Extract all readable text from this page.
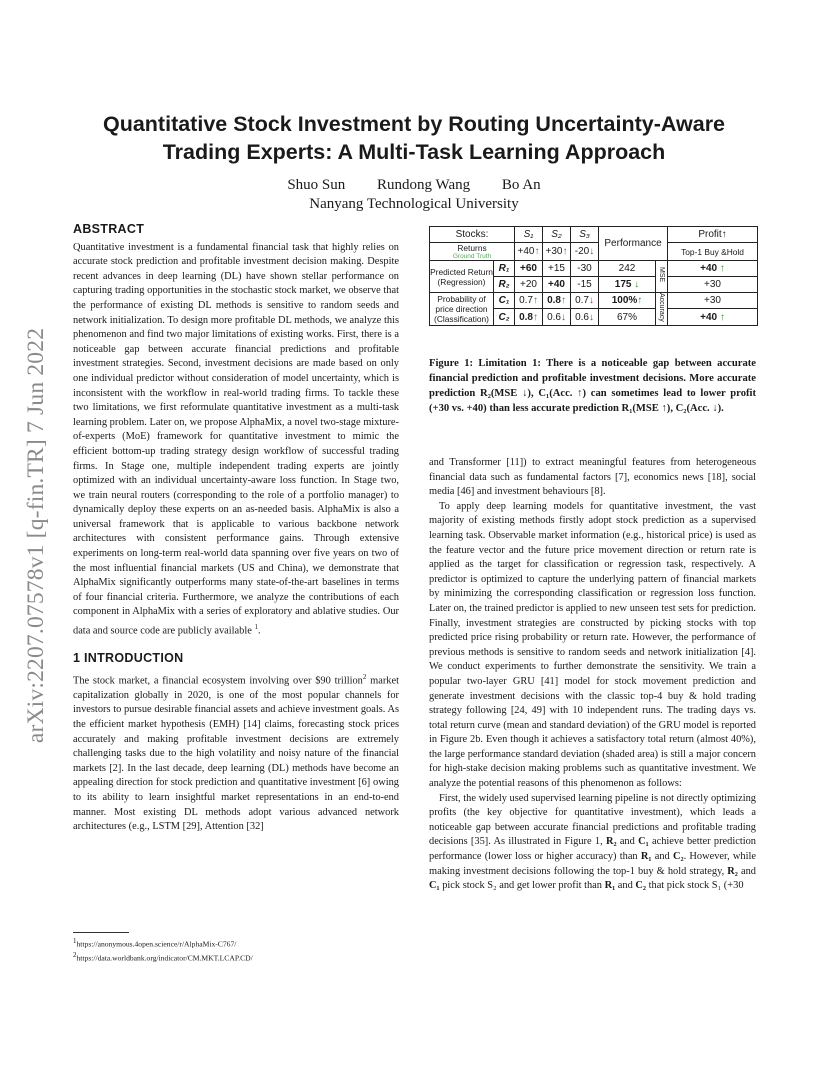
arXiv:2207.07578v1 [q-fin.TR] 7 Jun 2022
Quantitative Stock Investment by Routing Uncertainty-Aware
Trading Experts: A Multi-Task Learning Approach
Shuo Sun Rundong Wang Bo An
Nanyang Technological University
ABSTRACT

Quantitative investment is a fundamental financial task that highly relies on accurate stock prediction and profitable investment decision making. Despite recent advances in deep learning (DL) have shown stellar performance on capturing trading opportunities in the stochastic stock market, we observe that the performance of existing DL methods is sensitive to random seeds and network initialization. To design more profitable DL methods, we analyze this phenomenon and find two major limitations of existing works. First, there is a noticeable gap between accurate financial predictions and profitable investment strategies. Second, investment decisions are made based on only one individual predictor without consideration of model uncertainty, which is inconsistent with the workflow in real-world trading firms. To tackle these two limitations, we first reformulate quantitative investment as a multi-task learning problem. Later on, we propose AlphaMix, a novel two-stage mixture-of-experts (MoE) framework for quantitative investment to mimic the efficient bottom-up trading strategy design workflow of successful trading firms. In Stage one, multiple independent trading experts are jointly optimized with an individual uncertainty-aware loss function. In Stage two, we train neural routers (corresponding to the role of a portfolio manager) to dynamically deploy these experts on an as-needed basis. AlphaMix is also a universal framework that is applicable to various backbone network architectures with consistent performance gains. Through extensive experiments on long-term real-world data spanning over five years on two of the most influential financial markets (US and China), we demonstrate that AlphaMix significantly outperforms many state-of-the-art baselines in terms of four financial criteria. Furthermore, we analyze the contributions of each component in AlphaMix with a series of exploratory and ablative studies. Our data and source code are publicly available $^1$.

1 INTRODUCTION

The stock market, a financial ecosystem involving over $90 trillion$^2$ market capitalization globally in 2020, is one of the most popular channels for investors to pursue desirable financial assets and achieve investment goals. As the efficient market hypothesis (EMH) [14] claims, forecasting stock prices accurately and making profitable investment decisions are extremely challenging tasks due to the high volatility and noisy nature of the financial markets [2]. In the last decade, deep learning (DL) methods have become an appealing direction for stock prediction and quantitative investment [6] owing to its ability to learn insightful market representations in an end-to-end manner. Most existing DL methods adopt various advanced network architectures (e.g., LSTM [29], Attention [32]

$^1$https://anonymous.4open.science/r/AlphaMix-C767/
$^2$https://data.worldbank.org/indicator/CM.MKT.LCAP.CD/
Stocks:		S₁	S₂	S₃	Performance		Profit↑
Returns
Ground Truth		+40↑	+30↑	-20↓			Top-1 Buy &Hold
Predicted Return (Regression)	R₁	+60	+15	-30	242	MSE	+40 ↑
	R₂	+20	+40	-15	175 ↓		+30
Probability of price direction (Classification)	C₁	0.7↑	0.8↑	0.7↓	100%↑	Accuracy	+30
	C₂	0.8↑	0.6↓	0.6↓	67%		+40 ↑
Figure 1: Limitation 1: There is a noticeable gap between accurate financial prediction and profitable investment decisions. More accurate prediction R₂(MSE ↓), C₁(Acc. ↑) can sometimes lead to lower profit (+30 vs. +40) than less accurate prediction R₁(MSE ↑), C₂(Acc. ↓).

and Transformer [11]) to extract meaningful features from heterogeneous financial data such as fundamental factors [7], economics news [18], social media [46] and investment behaviours [8].

To apply deep learning models for quantitative investment, the vast majority of existing methods firstly adopt stock prediction as a supervised learning task. Observable market information (e.g., historical price) is used as the feature vector and the future price movement direction or return rate is applied as the target for classification or regression task, respectively. A predictor is optimized to capture the underlying pattern of financial markets by minimizing the corresponding classification or regression loss function. Later on, the trained predictor is applied to new unseen test sets for prediction. Finally, investment strategies are constructed by picking stocks with top predicted price rising probability or return rate. However, the performance of previous methods is sensitive to random seeds and network initialization [4]. We conduct experiments to further demonstrate the sensitivity. We train a popular two-layer GRU [41] model for stock movement prediction and generate investment decisions with the classic top-4 buy & hold trading strategy following [24, 49] with 10 independent runs. The trading days vs. total return curve (mean and standard deviation) of the GRU model is reported in Figure 2b. Even though it achieves a satisfactory total return (almost 40%), the large performance standard deviation (shaded area) is still a major concern for high-stake decision making problems such as quantitative investment. We analyze the potential reasons of this phenomenon as follows:

First, the widely used supervised learning pipeline is not directly optimizing profits (the key objective for quantitative investment), which leads a noticeable gap between accurate financial predictions and profitable trading decisions [35]. As illustrated in Figure 1, R₂ and C₁ achieve better prediction performance (lower loss or higher accuracy) than R₁ and C₂. However, while making investment decisions following the top-1 buy & hold strategy, R₂ and C₁ pick stock S₂ and get lower profit than R₁ and C₂ that pick stock S₁ (+30
